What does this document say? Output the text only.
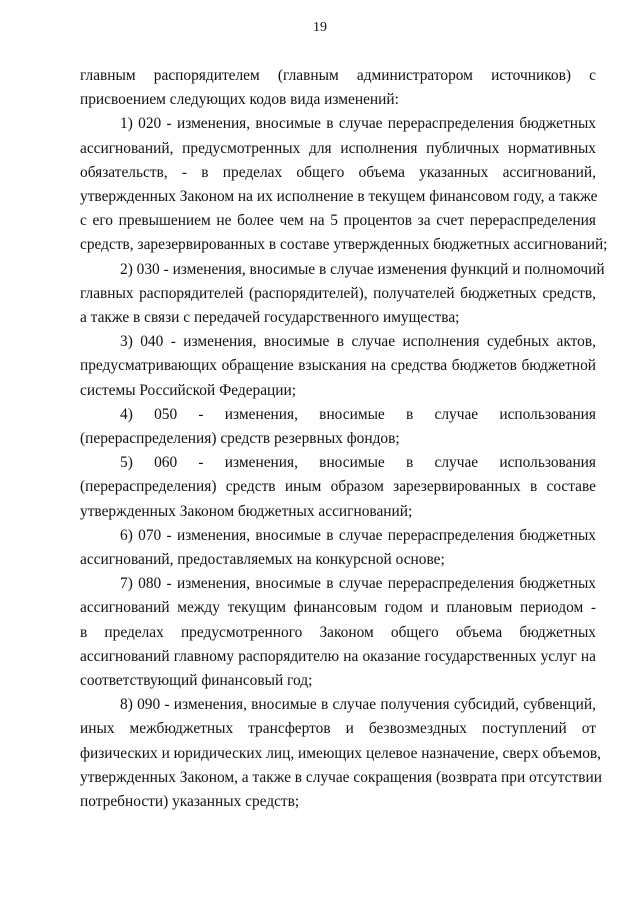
19
главным распорядителем (главным администратором источников) с
присвоением следующих кодов вида изменений:
1) 020 - изменения, вносимые в случае перераспределения бюджетных
ассигнований, предусмотренных для исполнения публичных нормативных
обязательств, - в пределах общего объема указанных ассигнований,
утвержденных Законом на их исполнение в текущем финансовом году, а также
с его превышением не более чем на 5 процентов за счет перераспределения
средств, зарезервированных в составе утвержденных бюджетных ассигнований;
2) 030 - изменения, вносимые в случае изменения функций и полномочий
главных распорядителей (распорядителей), получателей бюджетных средств,
а также в связи с передачей государственного имущества;
3) 040 - изменения, вносимые в случае исполнения судебных актов,
предусматривающих обращение взыскания на средства бюджетов бюджетной
системы Российской Федерации;
4) 050 - изменения, вносимые в случае использования
(перераспределения) средств резервных фондов;
5) 060 - изменения, вносимые в случае использования
(перераспределения) средств иным образом зарезервированных в составе
утвержденных Законом бюджетных ассигнований;
6) 070 - изменения, вносимые в случае перераспределения бюджетных
ассигнований, предоставляемых на конкурсной основе;
7) 080 - изменения, вносимые в случае перераспределения бюджетных
ассигнований между текущим финансовым годом и плановым периодом -
в пределах предусмотренного Законом общего объема бюджетных
ассигнований главному распорядителю на оказание государственных услуг на
соответствующий финансовый год;
8) 090 - изменения, вносимые в случае получения субсидий, субвенций,
иных межбюджетных трансфертов и безвозмездных поступлений от
физических и юридических лиц, имеющих целевое назначение, сверх объемов,
утвержденных Законом, а также в случае сокращения (возврата при отсутствии
потребности) указанных средств;
